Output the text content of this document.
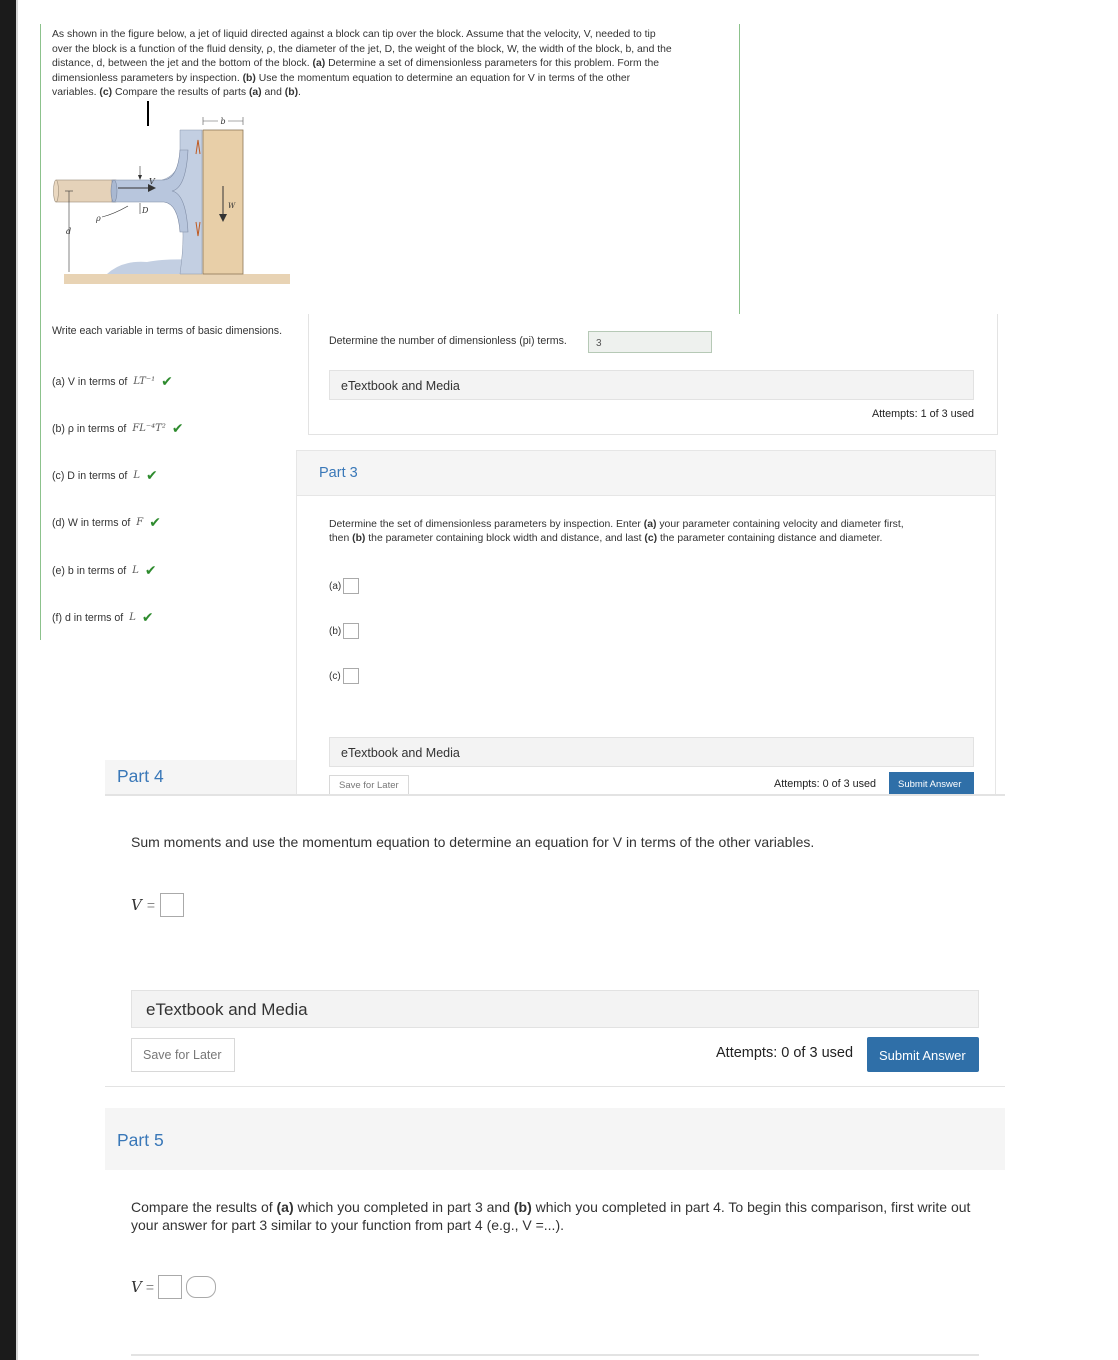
As shown in the figure below, a jet of liquid directed against a block can tip over the block. Assume that the velocity, V, needed to tip
over the block is a function of the fluid density, ρ, the diameter of the jet, D, the weight of the block, W, the width of the block, b, and the
distance, d, between the jet and the bottom of the block. (a) Determine a set of dimensionless parameters for this problem. Form the
dimensionless parameters by inspection. (b) Use the momentum equation to determine an equation for V in terms of the other
variables. (c) Compare the results of parts (a) and (b).
b
V
D
ρ
d
W
Write each variable in terms of basic dimensions.
(a) V in terms of LT⁻¹ ✔
(b) ρ in terms of FL⁻⁴T² ✔
(c) D in terms of L ✔
(d) W in terms of F ✔
(e) b in terms of L ✔
(f) d in terms of L ✔
Determine the number of dimensionless (pi) terms.	3
eTextbook and Media
Attempts: 1 of 3 used
Part 3
Determine the set of dimensionless parameters by inspection. Enter (a) your parameter containing velocity and diameter first,
then (b) the parameter containing block width and distance, and last (c) the parameter containing distance and diameter.
(a)
(b)
(c)
eTextbook and Media
Save for Later	Attempts: 0 of 3 used	Submit Answer
Part 4
Sum moments and use the momentum equation to determine an equation for V in terms of the other variables.
V =
eTextbook and Media
Save for Later	Attempts: 0 of 3 used	Submit Answer
Part 5
Compare the results of (a) which you completed in part 3 and (b) which you completed in part 4. To begin this comparison, first write out your answer for part 3 similar to your function from part 4 (e.g., V =...).
V =
